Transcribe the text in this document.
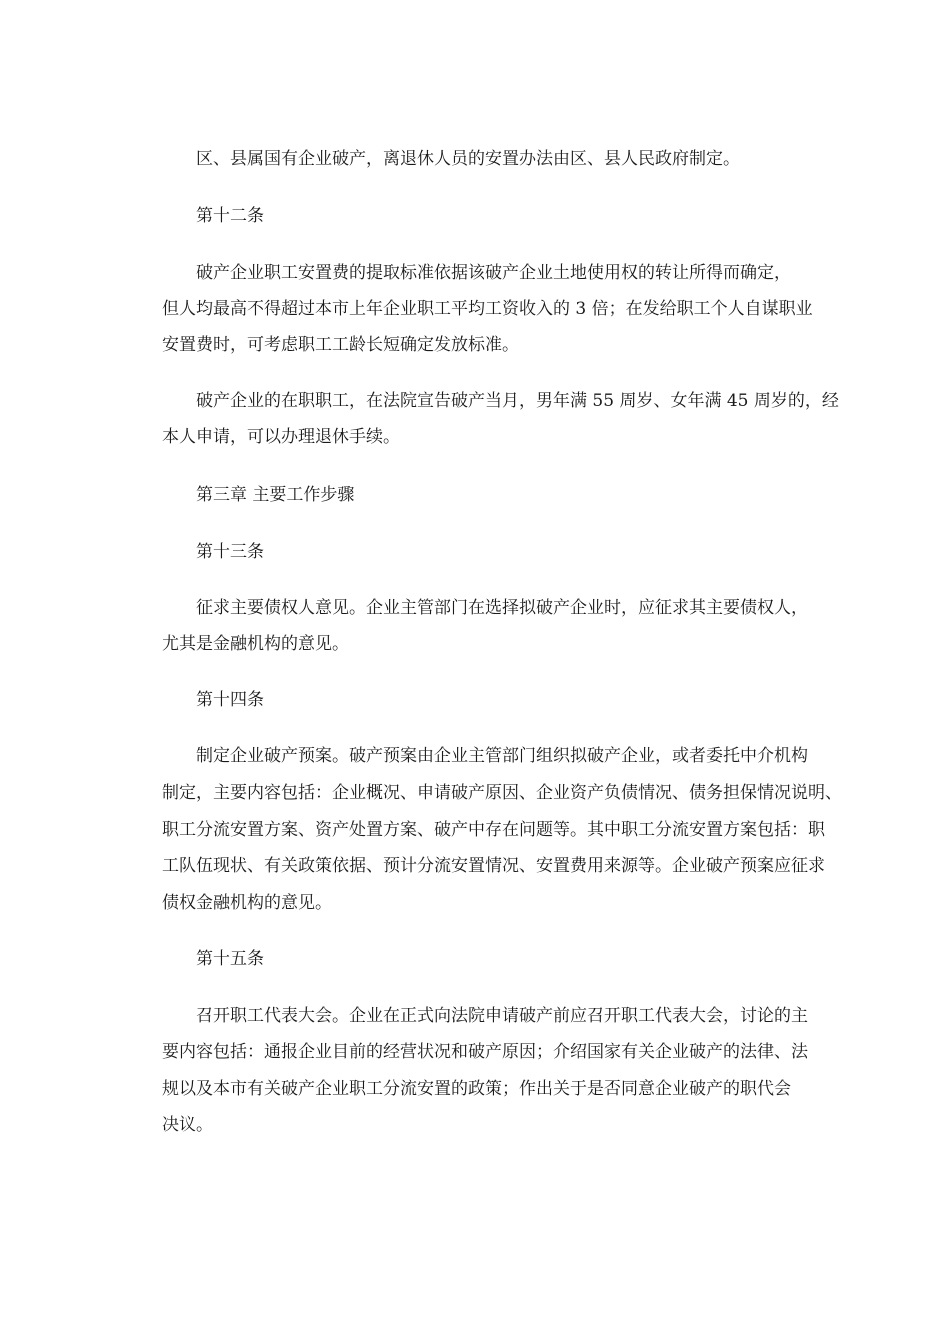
区、县属国有企业破产，离退休人员的安置办法由区、县人民政府制定。
第十二条
破产企业职工安置费的提取标准依据该破产企业土地使用权的转让所得而确定，
但人均最高不得超过本市上年企业职工平均工资收入的 3 倍；在发给职工个人自谋职业
安置费时，可考虑职工工龄长短确定发放标准。
破产企业的在职职工，在法院宣告破产当月，男年满 55 周岁、女年满 45 周岁的，经
本人申请，可以办理退休手续。
第三章 主要工作步骤
第十三条
征求主要债权人意见。企业主管部门在选择拟破产企业时，应征求其主要债权人，
尤其是金融机构的意见。
第十四条
制定企业破产预案。破产预案由企业主管部门组织拟破产企业，或者委托中介机构
制定，主要内容包括：企业概况、申请破产原因、企业资产负债情况、债务担保情况说明、
职工分流安置方案、资产处置方案、破产中存在问题等。其中职工分流安置方案包括：职
工队伍现状、有关政策依据、预计分流安置情况、安置费用来源等。企业破产预案应征求
债权金融机构的意见。
第十五条
召开职工代表大会。企业在正式向法院申请破产前应召开职工代表大会，讨论的主
要内容包括：通报企业目前的经营状况和破产原因；介绍国家有关企业破产的法律、法
规以及本市有关破产企业职工分流安置的政策；作出关于是否同意企业破产的职代会
决议。
